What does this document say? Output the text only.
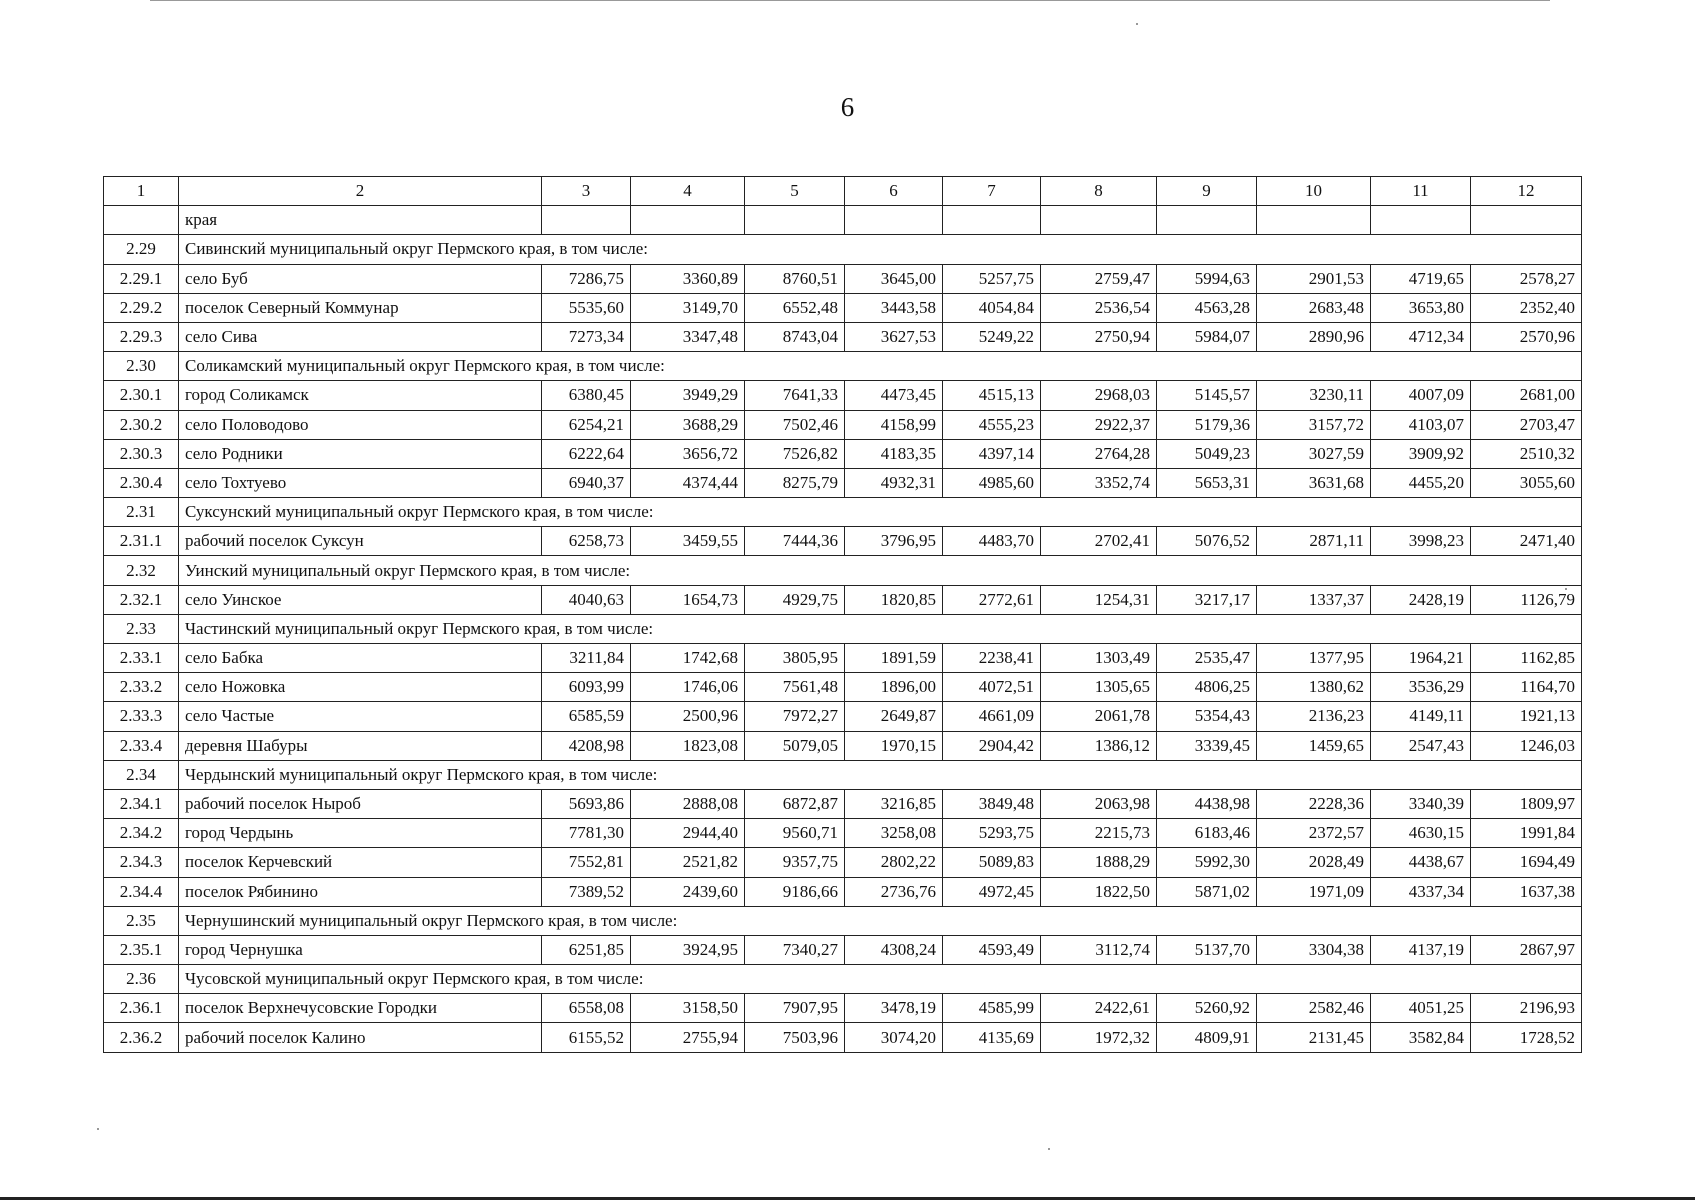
6
1	2	3	4	5	6	7	8	9	10	11	12
	края										
2.29	Сивинский муниципальный округ Пермского края, в том числе:										
2.29.1	село Буб	7286,75	3360,89	8760,51	3645,00	5257,75	2759,47	5994,63	2901,53	4719,65	2578,27
2.29.2	поселок Северный Коммунар	5535,60	3149,70	6552,48	3443,58	4054,84	2536,54	4563,28	2683,48	3653,80	2352,40
2.29.3	село Сива	7273,34	3347,48	8743,04	3627,53	5249,22	2750,94	5984,07	2890,96	4712,34	2570,96
2.30	Соликамский муниципальный округ Пермского края, в том числе:										
2.30.1	город Соликамск	6380,45	3949,29	7641,33	4473,45	4515,13	2968,03	5145,57	3230,11	4007,09	2681,00
2.30.2	село Половодово	6254,21	3688,29	7502,46	4158,99	4555,23	2922,37	5179,36	3157,72	4103,07	2703,47
2.30.3	село Родники	6222,64	3656,72	7526,82	4183,35	4397,14	2764,28	5049,23	3027,59	3909,92	2510,32
2.30.4	село Тохтуево	6940,37	4374,44	8275,79	4932,31	4985,60	3352,74	5653,31	3631,68	4455,20	3055,60
2.31	Суксунский муниципальный округ Пермского края, в том числе:										
2.31.1	рабочий поселок Суксун	6258,73	3459,55	7444,36	3796,95	4483,70	2702,41	5076,52	2871,11	3998,23	2471,40
2.32	Уинский муниципальный округ Пермского края, в том числе:										
2.32.1	село Уинское	4040,63	1654,73	4929,75	1820,85	2772,61	1254,31	3217,17	1337,37	2428,19	1126,79
2.33	Частинский муниципальный округ Пермского края, в том числе:										
2.33.1	село Бабка	3211,84	1742,68	3805,95	1891,59	2238,41	1303,49	2535,47	1377,95	1964,21	1162,85
2.33.2	село Ножовка	6093,99	1746,06	7561,48	1896,00	4072,51	1305,65	4806,25	1380,62	3536,29	1164,70
2.33.3	село Частые	6585,59	2500,96	7972,27	2649,87	4661,09	2061,78	5354,43	2136,23	4149,11	1921,13
2.33.4	деревня Шабуры	4208,98	1823,08	5079,05	1970,15	2904,42	1386,12	3339,45	1459,65	2547,43	1246,03
2.34	Чердынский муниципальный округ Пермского края, в том числе:										
2.34.1	рабочий поселок Ныроб	5693,86	2888,08	6872,87	3216,85	3849,48	2063,98	4438,98	2228,36	3340,39	1809,97
2.34.2	город Чердынь	7781,30	2944,40	9560,71	3258,08	5293,75	2215,73	6183,46	2372,57	4630,15	1991,84
2.34.3	поселок Керчевский	7552,81	2521,82	9357,75	2802,22	5089,83	1888,29	5992,30	2028,49	4438,67	1694,49
2.34.4	поселок Рябинино	7389,52	2439,60	9186,66	2736,76	4972,45	1822,50	5871,02	1971,09	4337,34	1637,38
2.35	Чернушинский муниципальный округ Пермского края, в том числе:										
2.35.1	город Чернушка	6251,85	3924,95	7340,27	4308,24	4593,49	3112,74	5137,70	3304,38	4137,19	2867,97
2.36	Чусовской муниципальный округ Пермского края, в том числе:										
2.36.1	поселок Верхнечусовские Городки	6558,08	3158,50	7907,95	3478,19	4585,99	2422,61	5260,92	2582,46	4051,25	2196,93
2.36.2	рабочий поселок Калино	6155,52	2755,94	7503,96	3074,20	4135,69	1972,32	4809,91	2131,45	3582,84	1728,52
